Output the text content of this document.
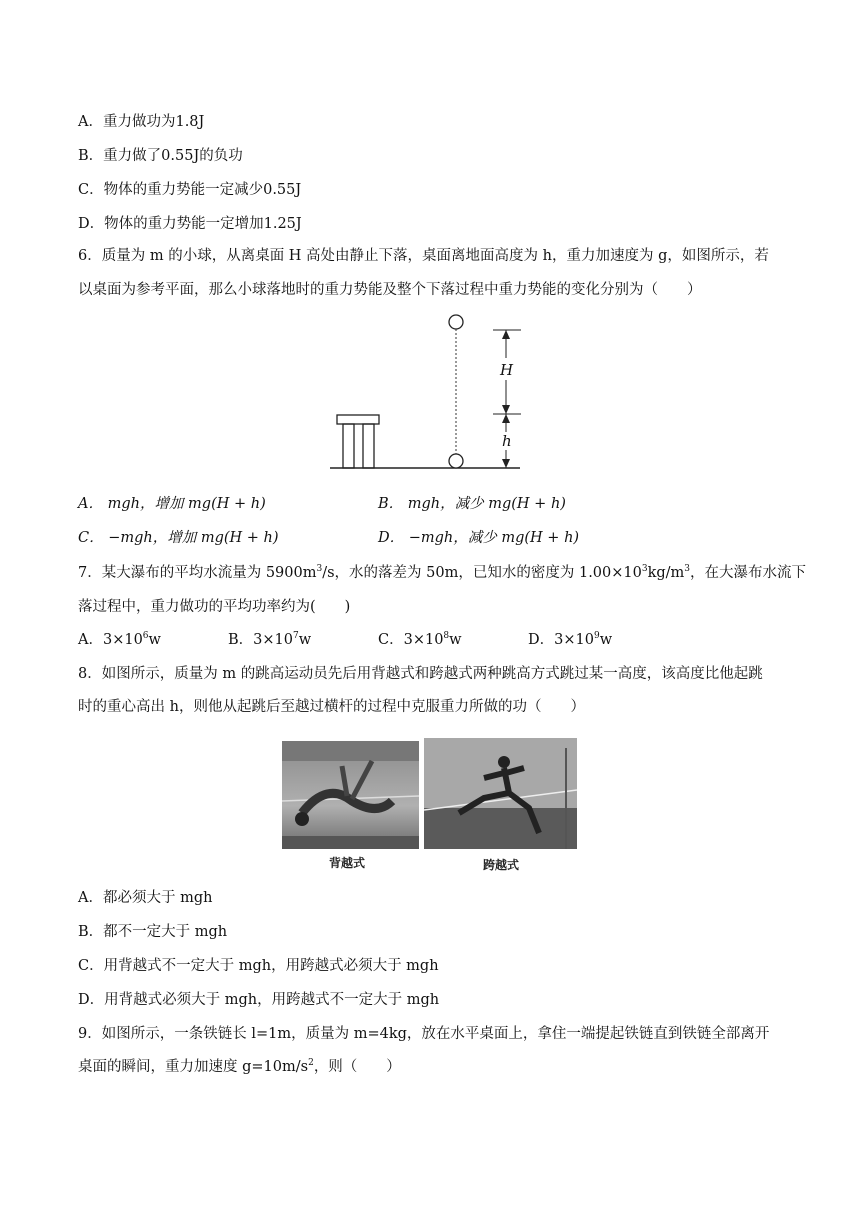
A．重力做功为1.8J
B．重力做了0.55J的负功
C．物体的重力势能一定减少0.55J
D．物体的重力势能一定增加1.25J
6．质量为 m 的小球，从离桌面 H 高处由静止下落，桌面离地面高度为 h，重力加速度为 g，如图所示，若
以桌面为参考平面，那么小球落地时的重力势能及整个下落过程中重力势能的变化分别为（　　）
H
h
A． mgh，增加 mg(H + h)	B． mgh，减少 mg(H + h)
C． −mgh，增加 mg(H + h)	D． −mgh，减少 mg(H + h)
7．某大瀑布的平均水流量为 $5900m^3/s$，水的落差为 50m，已知水的密度为 $1.00\times 10^3kg/m^3$，在大瀑布水流下
落过程中，重力做功的平均功率约为(　　)
A．$3\times 10^6w$	B．$3\times 10^7w$	C．$3\times 10^8w$	D．$3\times 10^9w$
8．如图所示，质量为 m 的跳高运动员先后用背越式和跨越式两种跳高方式跳过某一高度，该高度比他起跳
时的重心高出 h，则他从起跳后至越过横杆的过程中克服重力所做的功（　　）
背越式	跨越式
A．都必须大于 mgh
B．都不一定大于 mgh
C．用背越式不一定大于 mgh，用跨越式必须大于 mgh
D．用背越式必须大于 mgh，用跨越式不一定大于 mgh
9．如图所示，一条铁链长 l=1m，质量为 m=4kg，放在水平桌面上，拿住一端提起铁链直到铁链全部离开
桌面的瞬间，重力加速度 $g=10m/s^2$，则（　　）
